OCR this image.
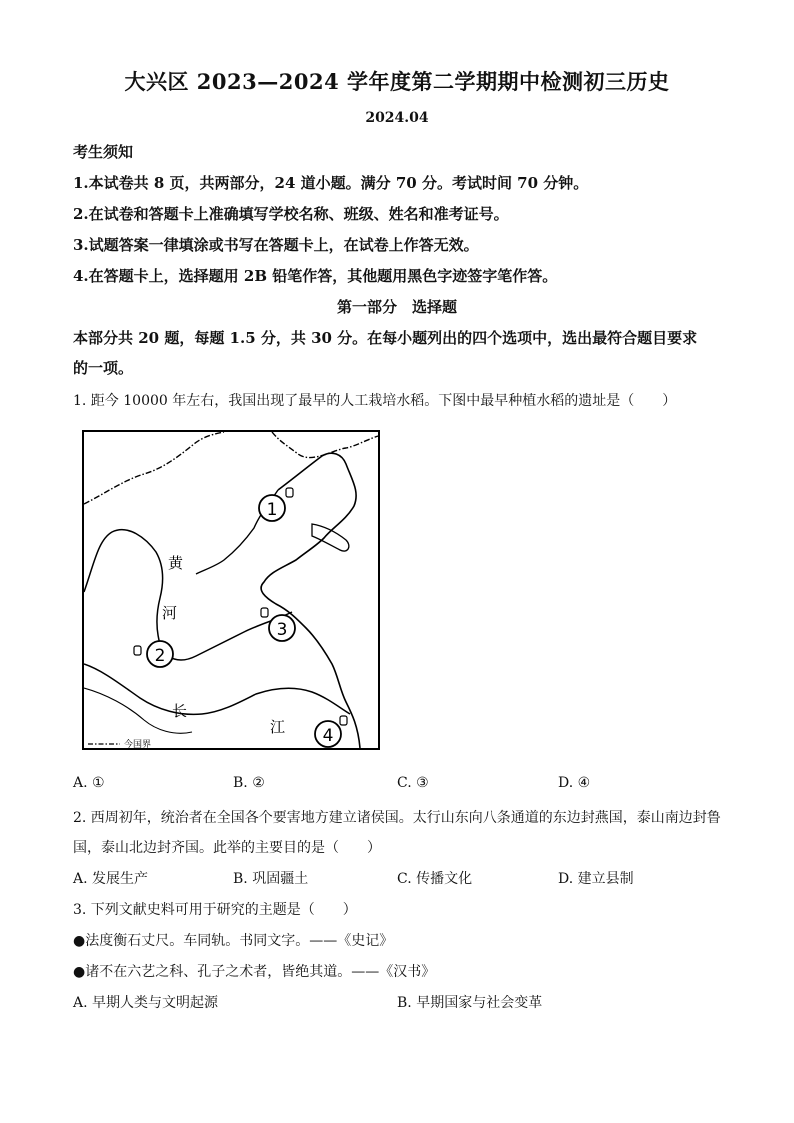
大兴区 2023—2024 学年度第二学期期中检测初三历史
2024.04
考生须知
1.本试卷共 8 页，共两部分，24 道小题。满分 70 分。考试时间 70 分钟。
2.在试卷和答题卡上准确填写学校名称、班级、姓名和准考证号。
3.试题答案一律填涂或书写在答题卡上，在试卷上作答无效。
4.在答题卡上，选择题用 2B 铅笔作答，其他题用黑色字迹签字笔作答。
第一部分　选择题
本部分共 20 题，每题 1.5 分，共 30 分。在每小题列出的四个选项中，选出最符合题目要求
的一项。
1. 距今 10000 年左右，我国出现了最早的人工栽培水稻。下图中最早种植水稻的遗址是（　　）
1
2
3
4
黄
河
长
江
今国界
A. ①	B. ②	C. ③	D. ④
2. 西周初年，统治者在全国各个要害地方建立诸侯国。太行山东向八条通道的东边封燕国，泰山南边封鲁
国，泰山北边封齐国。此举的主要目的是（　　）
A. 发展生产	B. 巩固疆土	C. 传播文化	D. 建立县制
3. 下列文献史料可用于研究的主题是（　　）
●法度衡石丈尺。车同轨。书同文字。——《史记》
●诸不在六艺之科、孔子之术者，皆绝其道。——《汉书》
A. 早期人类与文明起源	B. 早期国家与社会变革
